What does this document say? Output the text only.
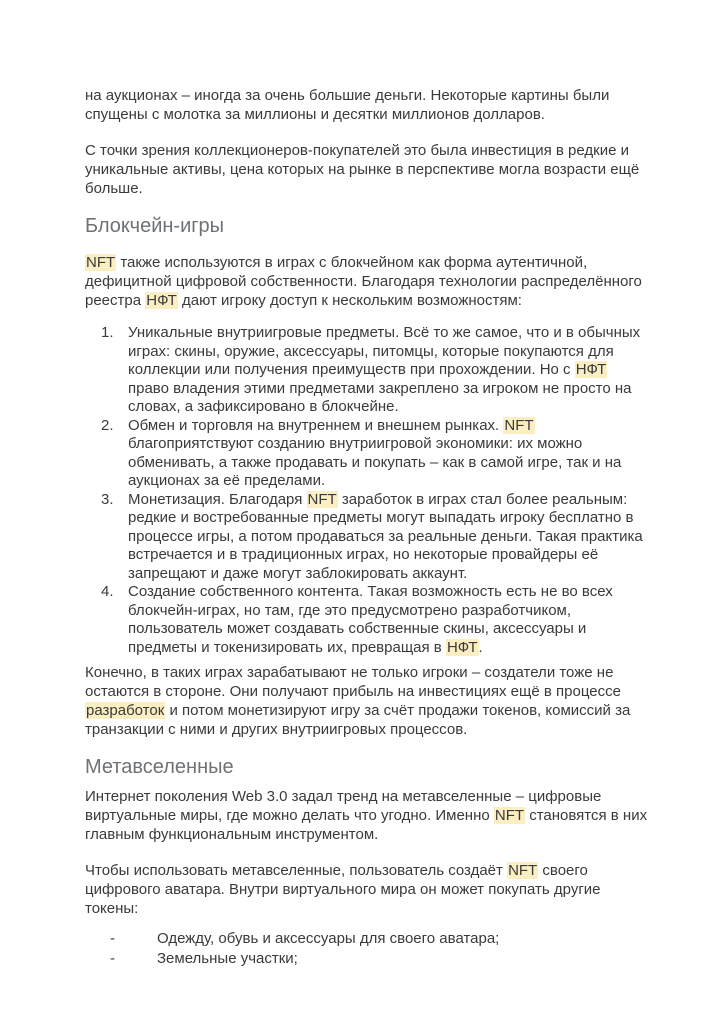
на аукционах – иногда за очень большие деньги. Некоторые картины были спущены с молотка за миллионы и десятки миллионов долларов.

С точки зрения коллекционеров-покупателей это была инвестиция в редкие и уникальные активы, цена которых на рынке в перспективе могла возрасти ещё больше.

Блокчейн-игры

NFT также используются в играх с блокчейном как форма аутентичной, дефицитной цифровой собственности. Благодаря технологии распределённого реестра НФТ дают игроку доступ к нескольким возможностям:

1. Уникальные внутриигровые предметы. Всё то же самое, что и в обычных играх: скины, оружие, аксессуары, питомцы, которые покупаются для коллекции или получения преимуществ при прохождении. Но с НФТ право владения этими предметами закреплено за игроком не просто на словах, а зафиксировано в блокчейне.
2. Обмен и торговля на внутреннем и внешнем рынках. NFT благоприятствуют созданию внутриигровой экономики: их можно обменивать, а также продавать и покупать – как в самой игре, так и на аукционах за её пределами.
3. Монетизация. Благодаря NFT заработок в играх стал более реальным: редкие и востребованные предметы могут выпадать игроку бесплатно в процессе игры, а потом продаваться за реальные деньги. Такая практика встречается и в традиционных играх, но некоторые провайдеры её запрещают и даже могут заблокировать аккаунт.
4. Создание собственного контента. Такая возможность есть не во всех блокчейн-играх, но там, где это предусмотрено разработчиком, пользователь может создавать собственные скины, аксессуары и предметы и токенизировать их, превращая в НФТ.

Конечно, в таких играх зарабатывают не только игроки – создатели тоже не остаются в стороне. Они получают прибыль на инвестициях ещё в процессе разработок и потом монетизируют игру за счёт продажи токенов, комиссий за транзакции с ними и других внутриигровых процессов.

Метавселенные

Интернет поколения Web 3.0 задал тренд на метавселенные – цифровые виртуальные миры, где можно делать что угодно. Именно NFT становятся в них главным функциональным инструментом.

Чтобы использовать метавселенные, пользователь создаёт NFT своего цифрового аватара. Внутри виртуального мира он может покупать другие токены:

-	Одежду, обувь и аксессуары для своего аватара;
-	Земельные участки;
